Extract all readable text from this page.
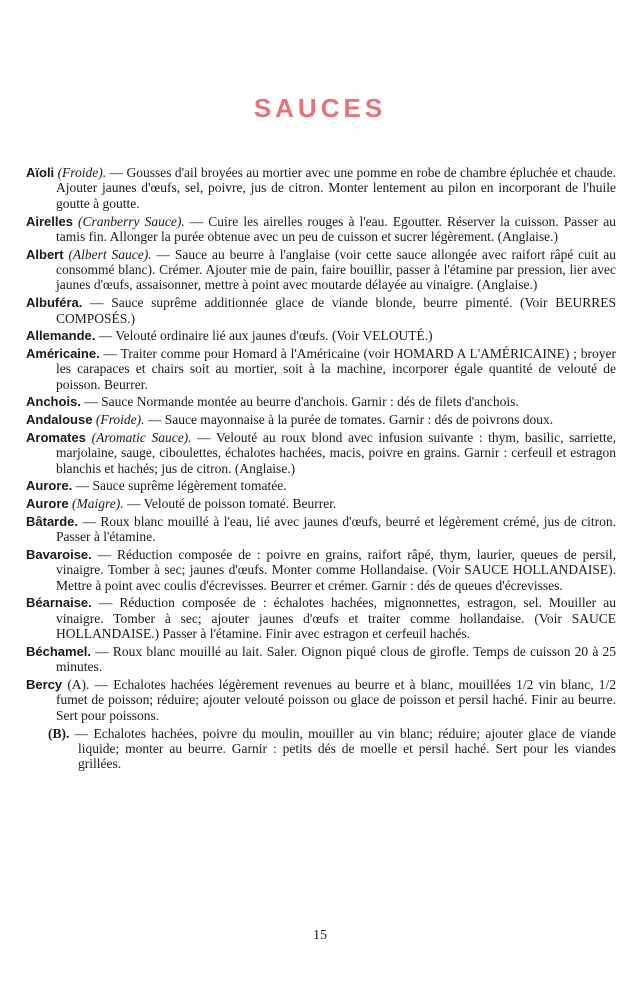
SAUCES

Aïoli (Froide). — Gousses d'ail broyées au mortier avec une pomme en robe de chambre épluchée et chaude. Ajouter jaunes d'œufs, sel, poivre, jus de citron. Monter lentement au pilon en incorporant de l'huile goutte à goutte.

Airelles (Cranberry Sauce). — Cuire les airelles rouges à l'eau. Egoutter. Réserver la cuisson. Passer au tamis fin. Allonger la purée obtenue avec un peu de cuisson et sucrer légèrement. (Anglaise.)

Albert (Albert Sauce). — Sauce au beurre à l'anglaise (voir cette sauce allongée avec raifort râpé cuit au consommé blanc). Crémer. Ajouter mie de pain, faire bouillir, passer à l'étamine par pression, lier avec jaunes d'œufs, assaisonner, mettre à point avec moutarde délayée au vinaigre. (Anglaise.)

Albuféra. — Sauce suprême additionnée glace de viande blonde, beurre pimenté. (Voir BEURRES COMPOSÉS.)

Allemande. — Velouté ordinaire lié aux jaunes d'œufs. (Voir VELOUTÉ.)

Américaine. — Traiter comme pour Homard à l'Américaine (voir HOMARD A L'AMÉRICAINE) ; broyer les carapaces et chairs soit au mortier, soit à la machine, incorporer égale quantité de velouté de poisson. Beurrer.

Anchois. — Sauce Normande montée au beurre d'anchois. Garnir : dés de filets d'anchois.

Andalouse (Froide). — Sauce mayonnaise à la purée de tomates. Garnir : dés de poivrons doux.

Aromates (Aromatic Sauce). — Velouté au roux blond avec infusion suivante : thym, basilic, sarriette, marjolaine, sauge, ciboulettes, échalotes hachées, macis, poivre en grains. Garnir : cerfeuil et estragon blanchis et hachés; jus de citron. (Anglaise.)

Aurore. — Sauce suprême légèrement tomatée.

Aurore (Maigre). — Velouté de poisson tomaté. Beurrer.

Bâtarde. — Roux blanc mouillé à l'eau, lié avec jaunes d'œufs, beurré et légèrement crémé, jus de citron. Passer à l'étamine.

Bavaroise. — Réduction composée de : poivre en grains, raifort râpé, thym, laurier, queues de persil, vinaigre. Tomber à sec; jaunes d'œufs. Monter comme Hollandaise. (Voir SAUCE HOLLANDAISE). Mettre à point avec coulis d'écrevisses. Beurrer et crémer. Garnir : dés de queues d'écrevisses.

Béarnaise. — Réduction composée de : échalotes hachées, mignonnettes, estragon, sel. Mouiller au vinaigre. Tomber à sec; ajouter jaunes d'œufs et traiter comme hollandaise. (Voir SAUCE HOLLANDAISE.) Passer à l'étamine. Finir avec estragon et cerfeuil hachés.

Béchamel. — Roux blanc mouillé au lait. Saler. Oignon piqué clous de girofle. Temps de cuisson 20 à 25 minutes.

Bercy (A). — Echalotes hachées légèrement revenues au beurre et à blanc, mouillées 1/2 vin blanc, 1/2 fumet de poisson; réduire; ajouter velouté poisson ou glace de poisson et persil haché. Finir au beurre. Sert pour poissons.

(B). — Echalotes hachées, poivre du moulin, mouiller au vin blanc; réduire; ajouter glace de viande liquide; monter au beurre. Garnir : petits dés de moelle et persil haché. Sert pour les viandes grillées.

15
